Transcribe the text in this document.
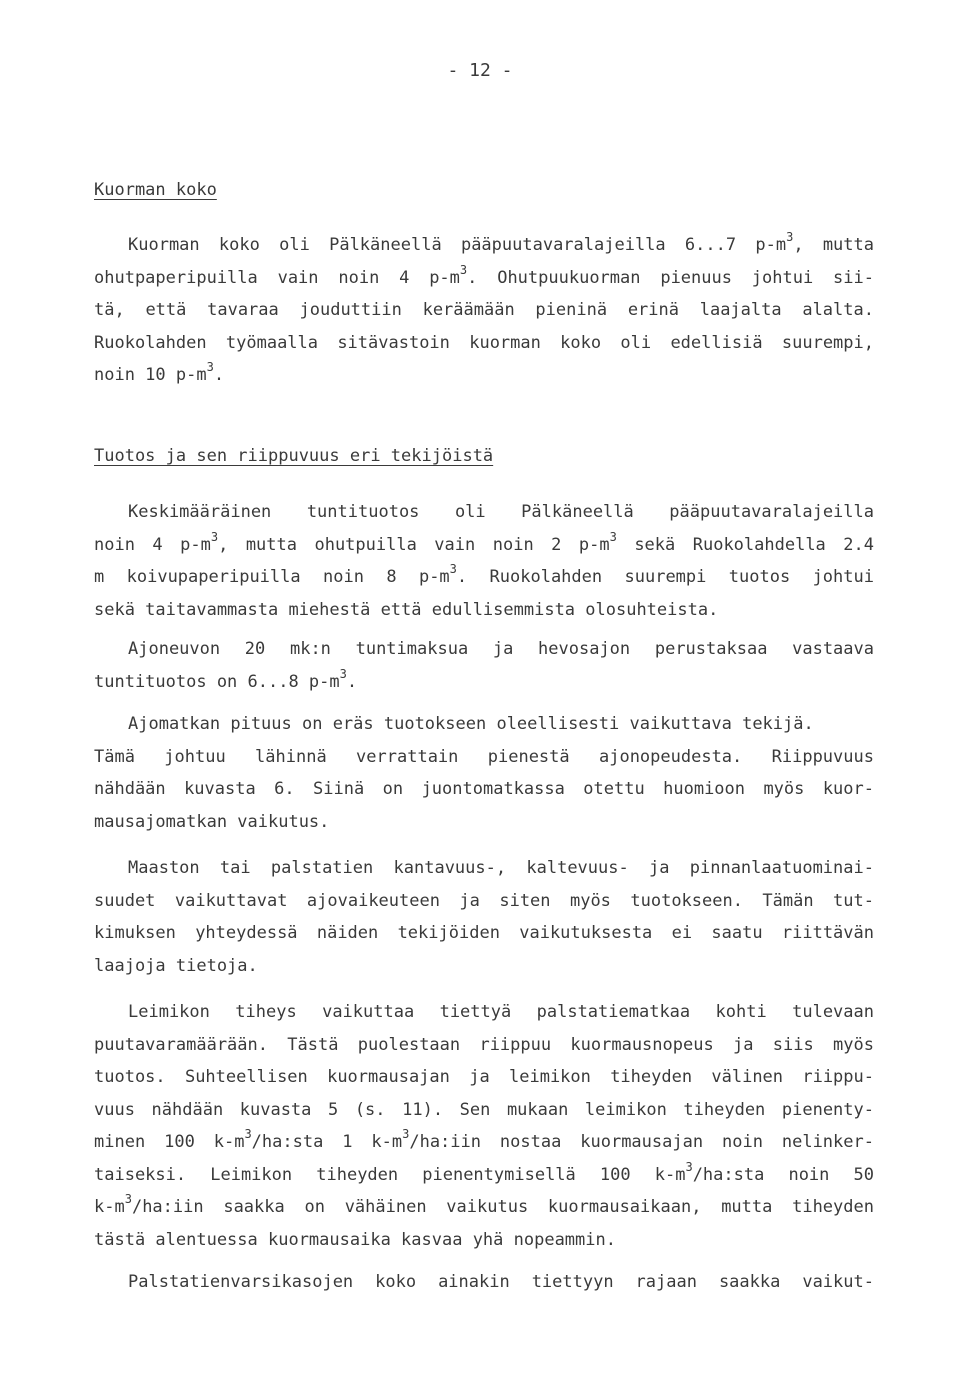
- 12 -
Kuorman koko
Kuorman koko oli Pälkäneellä pääpuutavaralajeilla 6...7 $p-m^3$, mutta
ohutpaperipuilla vain noin 4 $p-m^3$. Ohutpuukuorman pienuus johtui sii-
tä, että tavaraa jouduttiin keräämään pieninä erinä laajalta alalta.
Ruokolahden työmaalla sitävastoin kuorman koko oli edellisiä suurempi,
noin 10 $p-m^3$.
Tuotos ja sen riippuvuus eri tekijöistä
Keskimääräinen tuntituotos oli Pälkäneellä pääpuutavaralajeilla
noin 4 $p-m^3$, mutta ohutpuilla vain noin 2 $p-m^3$ sekä Ruokolahdella 2.4
m koivupaperipuilla noin 8 $p-m^3$. Ruokolahden suurempi tuotos johtui
sekä taitavammasta miehestä että edullisemmista olosuhteista.
Ajoneuvon 20 mk:n tuntimaksua ja hevosajon perustaksaa vastaava
tuntituotos on 6...8 $p-m^3$.
Ajomatkan pituus on eräs tuotokseen oleellisesti vaikuttava tekijä.
Tämä johtuu lähinnä verrattain pienestä ajonopeudesta. Riippuvuus
nähdään kuvasta 6. Siinä on juontomatkassa otettu huomioon myös kuor-
mausajomatkan vaikutus.
Maaston tai palstatien kantavuus-, kaltevuus- ja pinnanlaatuominai-
suudet vaikuttavat ajovaikeuteen ja siten myös tuotokseen. Tämän tut-
kimuksen yhteydessä näiden tekijöiden vaikutuksesta ei saatu riittävän
laajoja tietoja.
Leimikon tiheys vaikuttaa tiettyä palstatiematkaa kohti tulevaan
puutavaramäärään. Tästä puolestaan riippuu kuormausnopeus ja siis myös
tuotos. Suhteellisen kuormausajan ja leimikon tiheyden välinen riippu-
vuus nähdään kuvasta 5 (s. 11). Sen mukaan leimikon tiheyden pienenty-
minen 100 $k-m^3/ha:sta$ 1 $k-m^3/ha:iin$ nostaa kuormausajan noin nelinker-
taiseksi. Leimikon tiheyden pienentymisellä 100 $k-m^3/ha:sta$ noin 50
$k-m^3/ha:iin$ saakka on vähäinen vaikutus kuormausaikaan, mutta tiheyden
tästä alentuessa kuormausaika kasvaa yhä nopeammin.
Palstatienvarsikasojen koko ainakin tiettyyn rajaan saakka vaikut-
